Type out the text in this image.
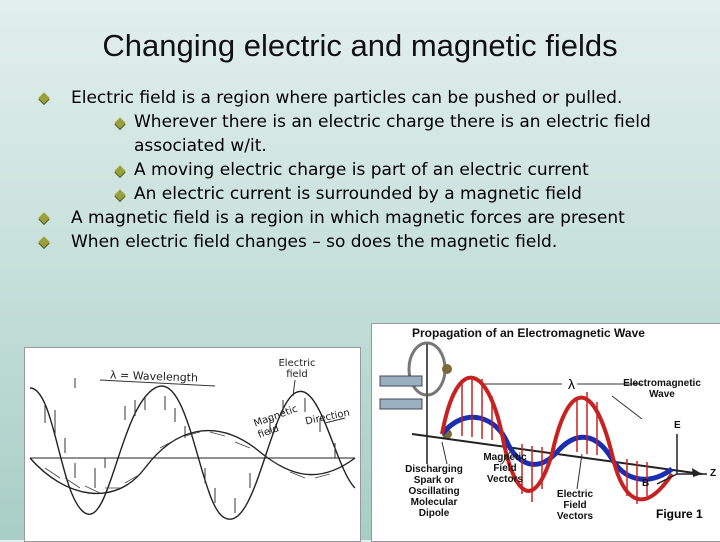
Changing electric and magnetic fields
Electric field is a region where particles can be pushed or pulled.
Wherever there is an electric charge there is an electric field associated w/it.
A moving electric charge is part of an electric current
An electric current is surrounded by a magnetic field
A magnetic field is a region in which magnetic forces are present
When electric field changes – so does the magnetic field.
λ = Wavelength
Electric field
Magnetic field
Direction
Propagation of an Electromagnetic Wave
λ	Electromagnetic Wave
Discharging Spark or Oscillating Molecular Dipole
Magnetic Field Vectors
Electric Field Vectors
E
B
Z
Figure 1
